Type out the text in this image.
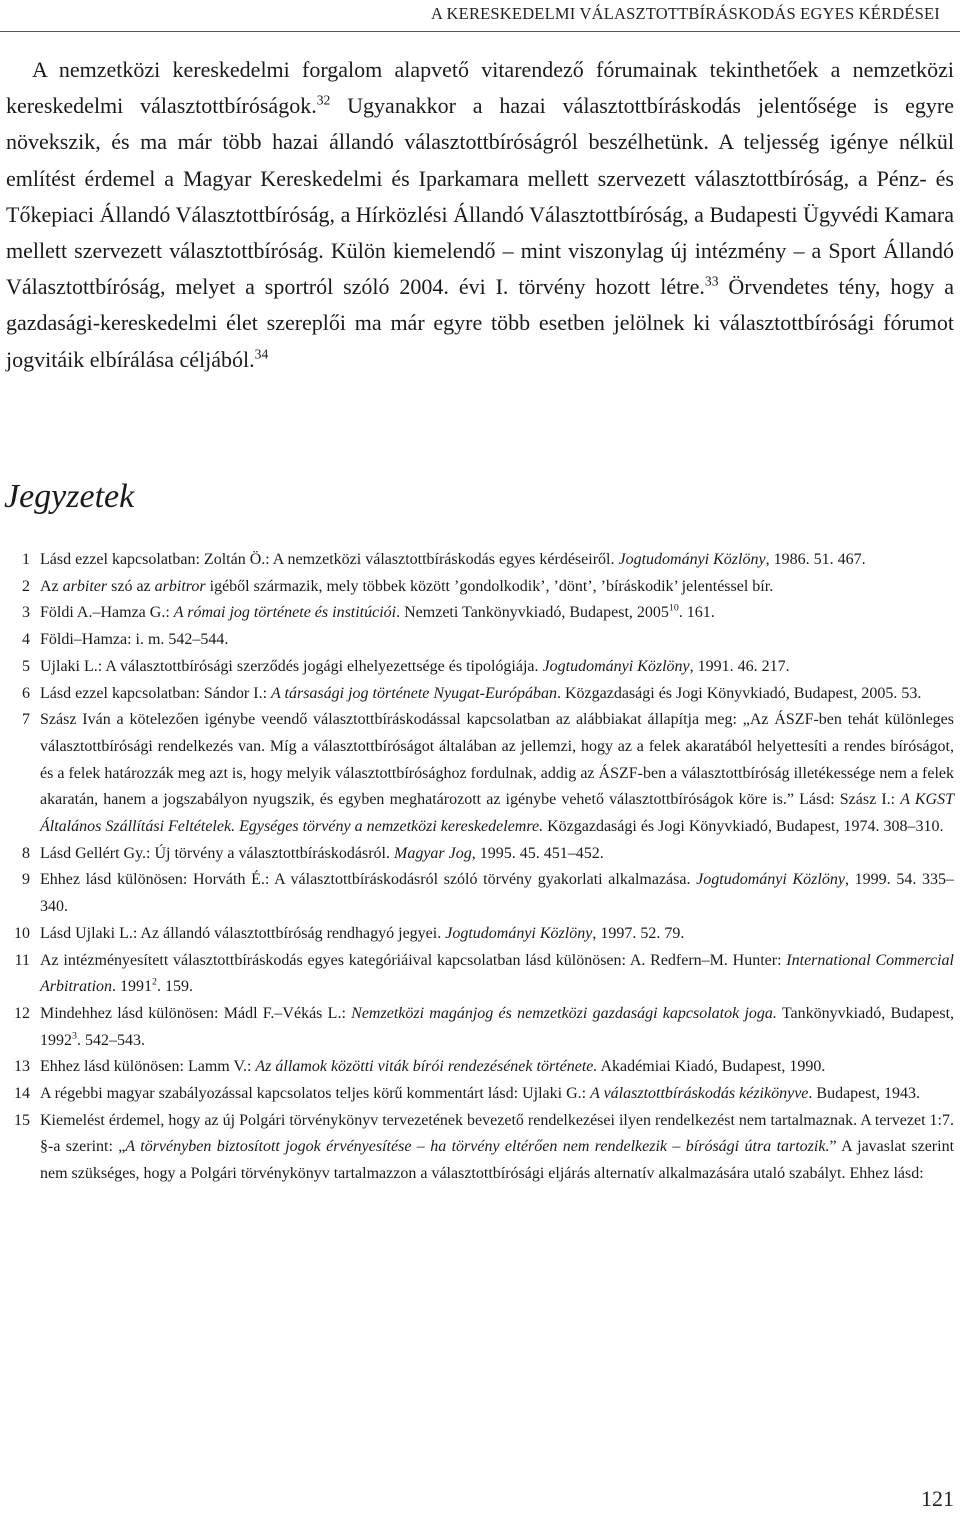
A KERESKEDELMI VÁLASZTOTTBÍRÁSKODÁS EGYES KÉRDÉSEI

A nemzetközi kereskedelmi forgalom alapvető vitarendező fórumainak tekinthetőek a nemzetközi kereskedelmi választottbíróságok.$^{32}$ Ugyanakkor a hazai választottbíráskodás jelentősége is egyre növekszik, és ma már több hazai állandó választottbíróságról beszélhetünk. A teljesség igénye nélkül említést érdemel a Magyar Kereskedelmi és Iparkamara mellett szervezett választottbíróság, a Pénz- és Tőkepiaci Állandó Választottbíróság, a Hírközlési Állandó Választottbíróság, a Budapesti Ügyvédi Kamara mellett szervezett választottbíróság. Külön kiemelendő – mint viszonylag új intézmény – a Sport Állandó Választottbíróság, melyet a sportról szóló 2004. évi I. törvény hozott létre.$^{33}$ Örvendetes tény, hogy a gazdasági-kereskedelmi élet szereplői ma már egyre több esetben jelölnek ki választottbírósági fórumot jogvitáik elbírálása céljából.$^{34}$

Jegyzetek
1 Lásd ezzel kapcsolatban: Zoltán Ö.: A nemzetközi választottbíráskodás egyes kérdéseiről. Jogtudományi Közlöny, 1986. 51. 467.
2 Az arbiter szó az arbitror igéből származik, mely többek között ’gondolkodik’, ’dönt’, ’bíráskodik’ jelentéssel bír.
3 Földi A.–Hamza G.: A római jog története és institúciói. Nemzeti Tankönyvkiadó, Budapest, 2005$^{10}$. 161.
4 Földi–Hamza: i. m. 542–544.
5 Ujlaki L.: A választottbírósági szerződés jogági elhelyezettsége és tipológiája. Jogtudományi Közlöny, 1991. 46. 217.
6 Lásd ezzel kapcsolatban: Sándor I.: A társasági jog története Nyugat-Európában. Közgazdasági és Jogi Könyvkiadó, Budapest, 2005. 53.
7 Szász Iván a kötelezően igénybe veendő választottbíráskodással kapcsolatban az alábbiakat állapítja meg: „Az ÁSZF-ben tehát különleges választottbírósági rendelkezés van. Míg a választottbíróságot általában az jellemzi, hogy az a felek akaratából helyettesíti a rendes bíróságot, és a felek határozzák meg azt is, hogy melyik választottbírósághoz fordulnak, addig az ÁSZF-ben a választottbíróság illetékessége nem a felek akaratán, hanem a jogszabályon nyugszik, és egyben meghatározott az igénybe vehető választottbíróságok köre is.” Lásd: Szász I.: A KGST Általános Szállítási Feltételek. Egységes törvény a nemzetközi kereskedelemre. Közgazdasági és Jogi Könyvkiadó, Budapest, 1974. 308–310.
8 Lásd Gellért Gy.: Új törvény a választottbíráskodásról. Magyar Jog, 1995. 45. 451–452.
9 Ehhez lásd különösen: Horváth É.: A választottbíráskodásról szóló törvény gyakorlati alkalmazása. Jogtudományi Közlöny, 1999. 54. 335–340.
10 Lásd Ujlaki L.: Az állandó választottbíróság rendhagyó jegyei. Jogtudományi Közlöny, 1997. 52. 79.
11 Az intézményesített választottbíráskodás egyes kategóriáival kapcsolatban lásd különösen: A. Redfern–M. Hunter: International Commercial Arbitration. 1991$^2$. 159.
12 Mindehhez lásd különösen: Mádl F.–Vékás L.: Nemzetközi magánjog és nemzetközi gazdasági kapcsolatok joga. Tankönyvkiadó, Budapest, 1992$^3$. 542–543.
13 Ehhez lásd különösen: Lamm V.: Az államok közötti viták bírói rendezésének története. Akadémiai Kiadó, Budapest, 1990.
14 A régebbi magyar szabályozással kapcsolatos teljes körű kommentárt lásd: Ujlaki G.: A választottbíráskodás kézikönyve. Budapest, 1943.
15 Kiemelést érdemel, hogy az új Polgári törvénykönyv tervezetének bevezető rendelkezései ilyen rendelkezést nem tartalmaznak. A tervezet 1:7. §-a szerint: „A törvényben biztosított jogok érvényesítése – ha törvény eltérően nem rendelkezik – bírósági útra tartozik.” A javaslat szerint nem szükséges, hogy a Polgári törvénykönyv tartalmazzon a választottbírósági eljárás alternatív alkalmazására utaló szabályt. Ehhez lásd:
121
